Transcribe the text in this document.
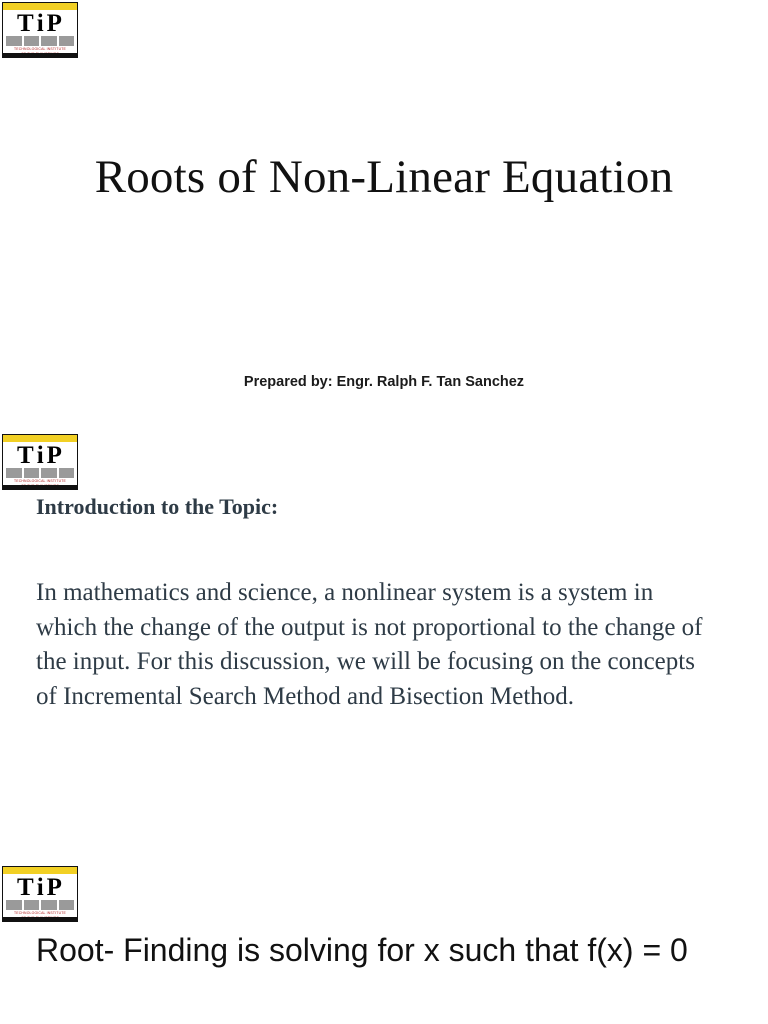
T i P
TECHNOLOGICAL INSTITUTE
Roots of Non-Linear Equation
Prepared by: Engr. Ralph F. Tan Sanchez
T i P
TECHNOLOGICAL INSTITUTE
Introduction to the Topic:
In mathematics and science, a nonlinear system is a system in which the change of the output is not proportional to the change of the input. For this discussion, we will be focusing on the concepts of Incremental Search Method and Bisection Method.
T i P
TECHNOLOGICAL INSTITUTE
Root- Finding is solving for x such that f(x) = 0
